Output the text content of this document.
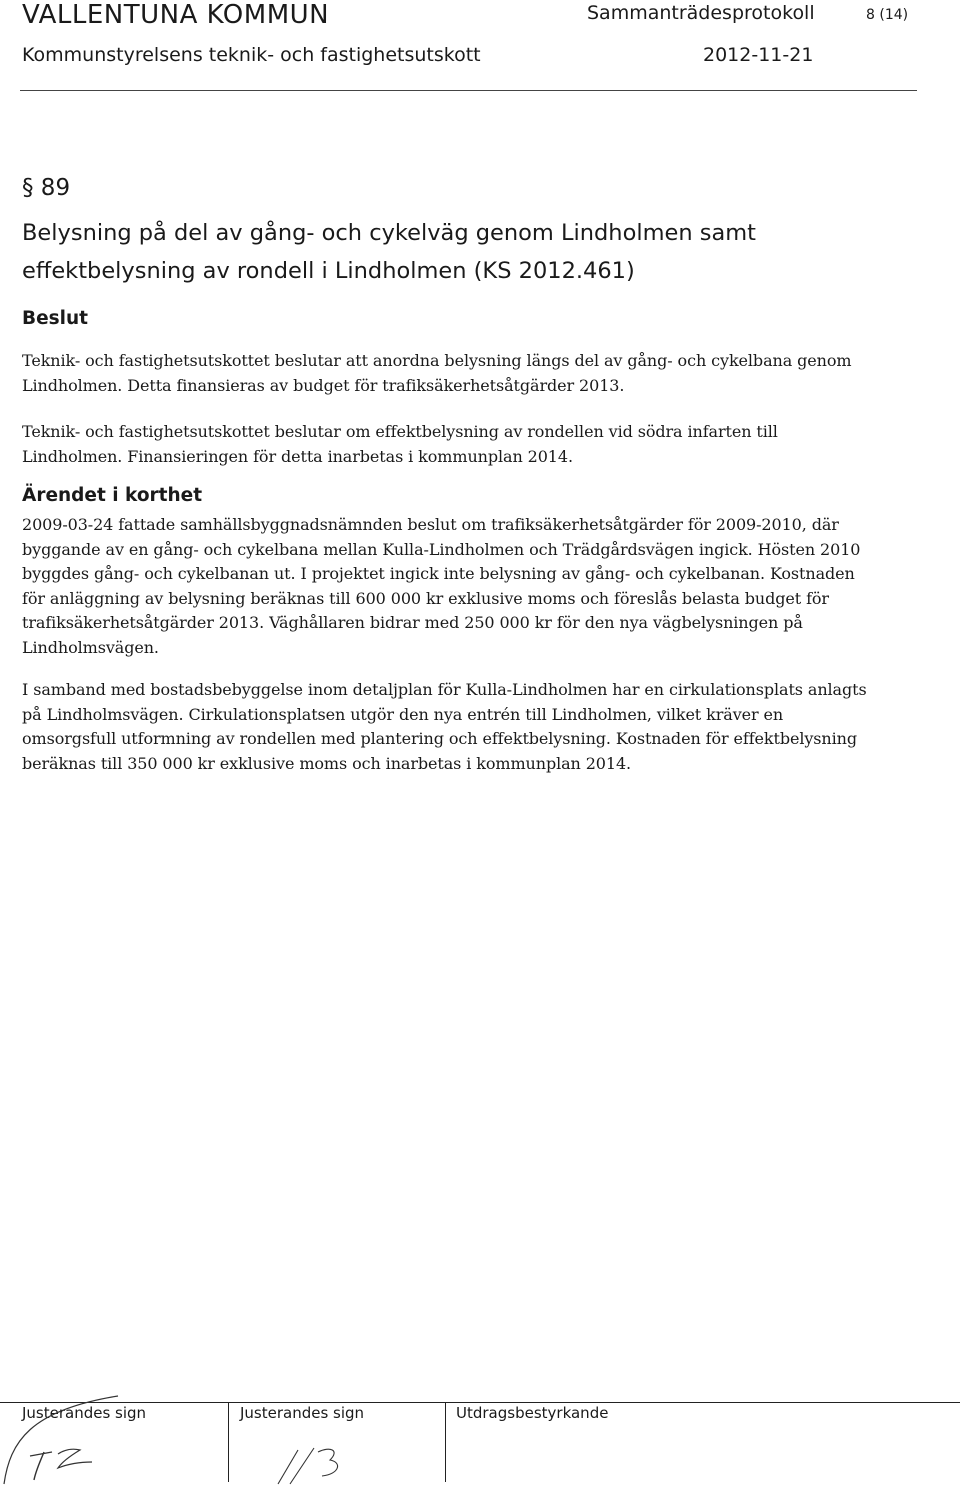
VALLENTUNA KOMMUN	Sammanträdesprotokoll	8 (14)
Kommunstyrelsens teknik- och fastighetsutskott	2012-11-21
§ 89
Belysning på del av gång- och cykelväg genom Lindholmen samt effektbelysning av rondell i Lindholmen (KS 2012.461)
Beslut
Teknik- och fastighetsutskottet beslutar att anordna belysning längs del av gång- och cykelbana genom Lindholmen. Detta finansieras av budget för trafiksäkerhetsåtgärder 2013.
Teknik- och fastighetsutskottet beslutar om effektbelysning av rondellen vid södra infarten till Lindholmen. Finansieringen för detta inarbetas i kommunplan 2014.
Ärendet i korthet
2009-03-24 fattade samhällsbyggnadsnämnden beslut om trafiksäkerhetsåtgärder för 2009-2010, där byggande av en gång- och cykelbana mellan Kulla-Lindholmen och Trädgårdsvägen ingick. Hösten 2010 byggdes gång- och cykelbanan ut. I projektet ingick inte belysning av gång- och cykelbanan. Kostnaden för anläggning av belysning beräknas till 600 000 kr exklusive moms och föreslås belasta budget för trafiksäkerhetsåtgärder 2013. Väghållaren bidrar med 250 000 kr för den nya vägbelysningen på Lindholmsvägen.
I samband med bostadsbebyggelse inom detaljplan för Kulla-Lindholmen har en cirkulationsplats anlagts på Lindholmsvägen. Cirkulationsplatsen utgör den nya entrén till Lindholmen, vilket kräver en omsorgsfull utformning av rondellen med plantering och effektbelysning. Kostnaden för effektbelysning beräknas till 350 000 kr exklusive moms och inarbetas i kommunplan 2014.
Justerandes sign	Justerandes sign	Utdragsbestyrkande
